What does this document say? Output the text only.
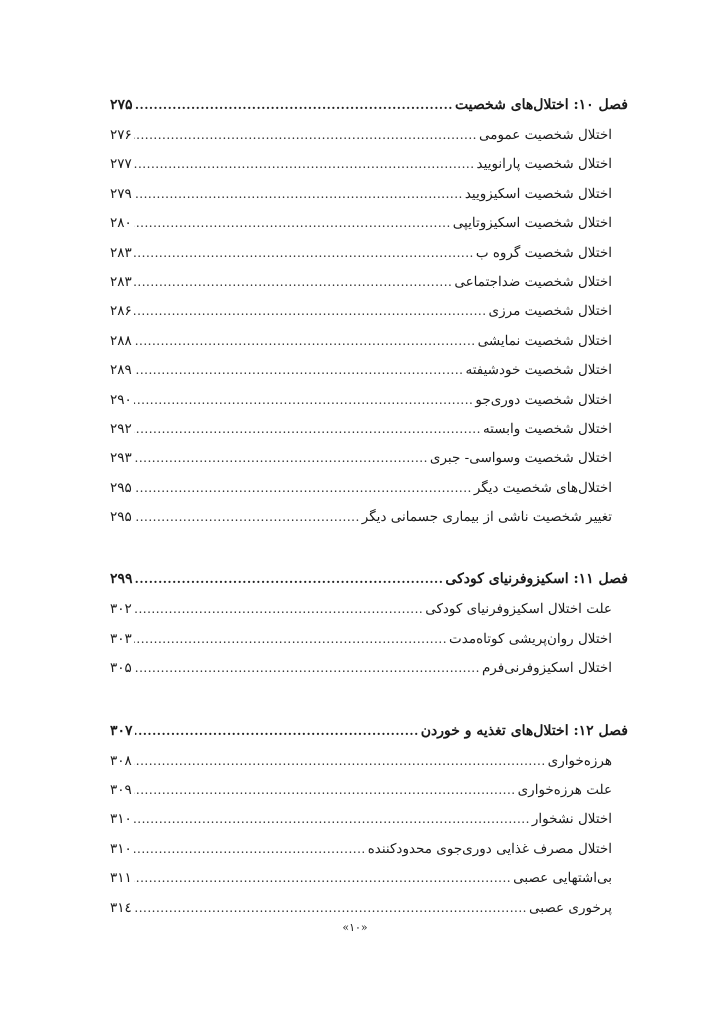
فصل ۱۰: اختلال‌های شخصیت
.....
۲۷۵
اختلال شخصیت عمومی
.....
۲۷۶
اختلال شخصیت پارانویید
.....
۲۷۷
اختلال شخصیت اسکیزویید
.....
۲۷۹
اختلال شخصیت اسکیزوتایپی
.....
۲۸۰
اختلال شخصیت گروه ب
.....
۲۸۳
اختلال شخصیت ضداجتماعی
.....
۲۸۳
اختلال شخصیت مرزی
.....
۲۸۶
اختلال شخصیت نمایشی
.....
۲۸۸
اختلال شخصیت خودشیفته
.....
۲۸۹
اختلال شخصیت دوری‌جو
.....
۲۹۰
اختلال شخصیت وابسته
.....
۲۹۲
اختلال شخصیت وسواسی- جبری
.....
۲۹۳
اختلال‌های شخصیت دیگر
.....
۲۹۵
تغییر شخصیت ناشی از بیماری جسمانی دیگر
.....
۲۹۵
فصل ۱۱: اسکیزوفرنیای کودکی
.....
۲۹۹
علت اختلال اسکیزوفرنیای کودکی
.....
۳۰۲
اختلال روان‌پریشی کوتاه‌مدت
.....
۳۰۳
اختلال اسکیزوفرنی‌فرم
.....
۳۰۵
فصل ۱۲: اختلال‌های تغذیه و خوردن
.....
۳۰۷
هرزه‌خواری
.....
۳۰۸
علت هرزه‌خواری
.....
۳۰۹
اختلال نشخوار
.....
۳۱۰
اختلال مصرف غذایی دوری‌جوی محدودکننده
.....
۳۱۰
بی‌اشتهایی عصبی
.....
۳۱۱
پرخوری عصبی
.....
۳۱٤
«۱۰»
